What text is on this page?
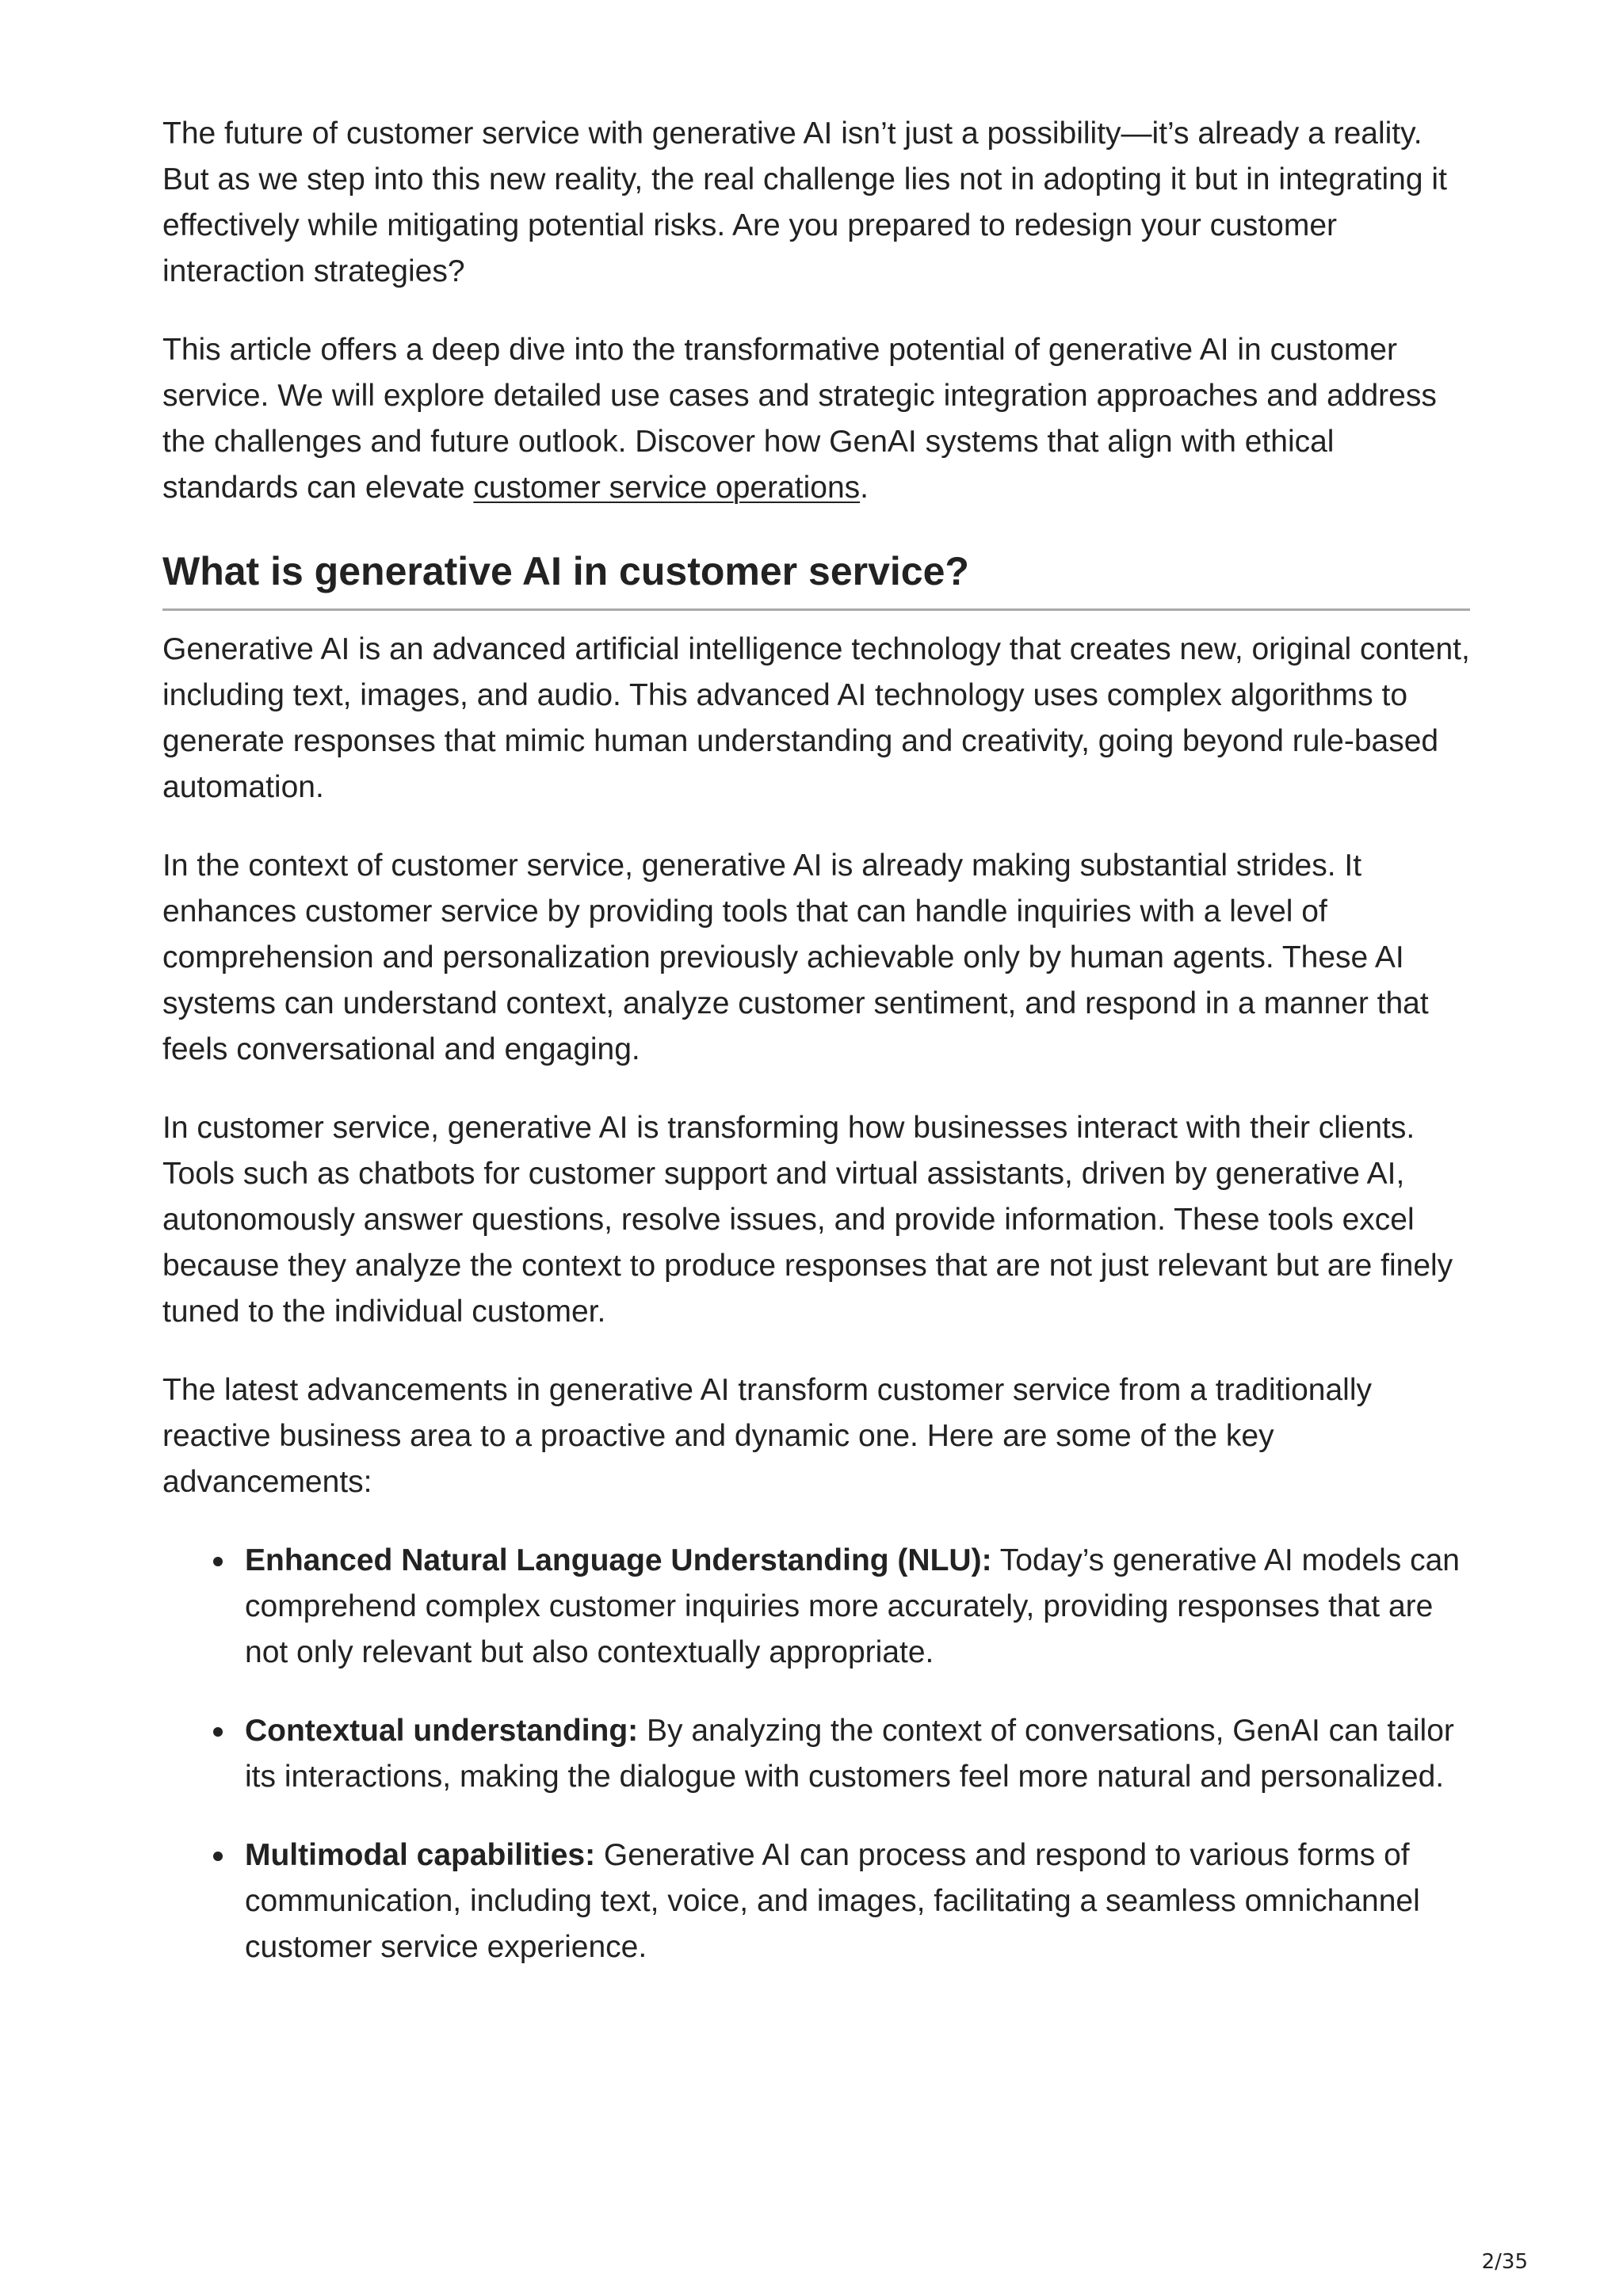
The future of customer service with generative AI isn’t just a possibility—it’s already a reality. But as we step into this new reality, the real challenge lies not in adopting it but in integrating it effectively while mitigating potential risks. Are you prepared to redesign your customer interaction strategies?

This article offers a deep dive into the transformative potential of generative AI in customer service. We will explore detailed use cases and strategic integration approaches and address the challenges and future outlook. Discover how GenAI systems that align with ethical standards can elevate customer service operations.

What is generative AI in customer service?

Generative AI is an advanced artificial intelligence technology that creates new, original content, including text, images, and audio. This advanced AI technology uses complex algorithms to generate responses that mimic human understanding and creativity, going beyond rule-based automation.

In the context of customer service, generative AI is already making substantial strides. It enhances customer service by providing tools that can handle inquiries with a level of comprehension and personalization previously achievable only by human agents. These AI systems can understand context, analyze customer sentiment, and respond in a manner that feels conversational and engaging.

In customer service, generative AI is transforming how businesses interact with their clients. Tools such as chatbots for customer support and virtual assistants, driven by generative AI, autonomously answer questions, resolve issues, and provide information. These tools excel because they analyze the context to produce responses that are not just relevant but are finely tuned to the individual customer.

The latest advancements in generative AI transform customer service from a traditionally reactive business area to a proactive and dynamic one. Here are some of the key advancements:

Enhanced Natural Language Understanding (NLU): Today’s generative AI models can comprehend complex customer inquiries more accurately, providing responses that are not only relevant but also contextually appropriate.
Contextual understanding: By analyzing the context of conversations, GenAI can tailor its interactions, making the dialogue with customers feel more natural and personalized.
Multimodal capabilities: Generative AI can process and respond to various forms of communication, including text, voice, and images, facilitating a seamless omnichannel customer service experience.
2/35
